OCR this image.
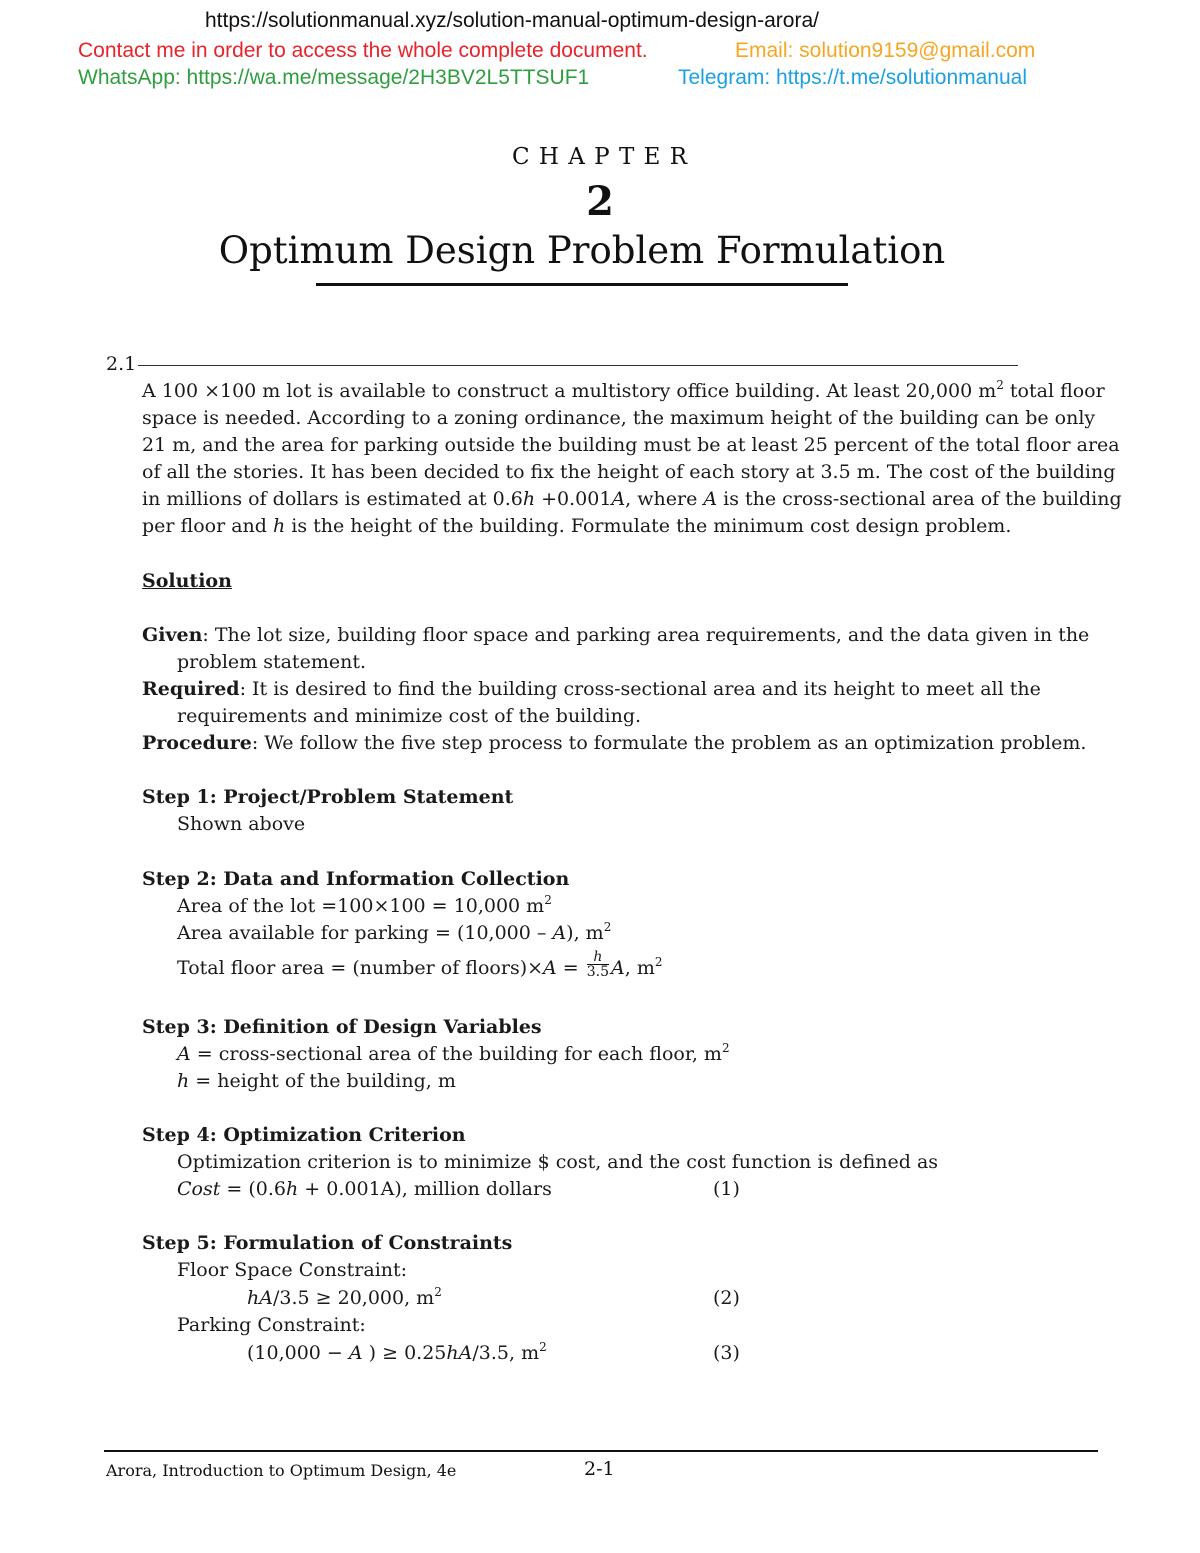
https://solutionmanual.xyz/solution-manual-optimum-design-arora/
Contact me in order to access the whole complete document.	Email: solution9159@gmail.com
WhatsApp: https://wa.me/message/2H3BV2L5TTSUF1	Telegram: https://t.me/solutionmanual
C H A P T E R
2
Optimum Design Problem Formulation
2.1
A 100 ×100 m lot is available to construct a multistory office building. At least 20,000 $m^2$ total floor
space is needed. According to a zoning ordinance, the maximum height of the building can be only
21 m, and the area for parking outside the building must be at least 25 percent of the total floor area
of all the stories. It has been decided to fix the height of each story at 3.5 m. The cost of the building
in millions of dollars is estimated at 0.6h +0.001A, where A is the cross-sectional area of the building
per floor and h is the height of the building. Formulate the minimum cost design problem.
Solution
Given: The lot size, building floor space and parking area requirements, and the data given in the
problem statement.
Required: It is desired to find the building cross-sectional area and its height to meet all the
requirements and minimize cost of the building.
Procedure: We follow the five step process to formulate the problem as an optimization problem.
Step 1: Project/Problem Statement
Shown above
Step 2: Data and Information Collection
Area of the lot =100×100 = 10,000 $m^2$
Area available for parking = (10,000 – A), $m^2$
Total floor area = (number of floors)×A = $\frac{h}{3.5} A$, $m^2$
Step 3: Definition of Design Variables
A = cross-sectional area of the building for each floor, $m^2$
h = height of the building, m
Step 4: Optimization Criterion
Optimization criterion is to minimize $ cost, and the cost function is defined as
Cost = (0.6h + 0.001A), million dollars	(1)
Step 5: Formulation of Constraints
Floor Space Constraint:
hA/3.5 ≥ 20,000, $m^2$	(2)
Parking Constraint:
(10,000 − A ) ≥ 0.25hA/3.5, $m^2$	(3)
Arora, Introduction to Optimum Design, 4e	2-1
